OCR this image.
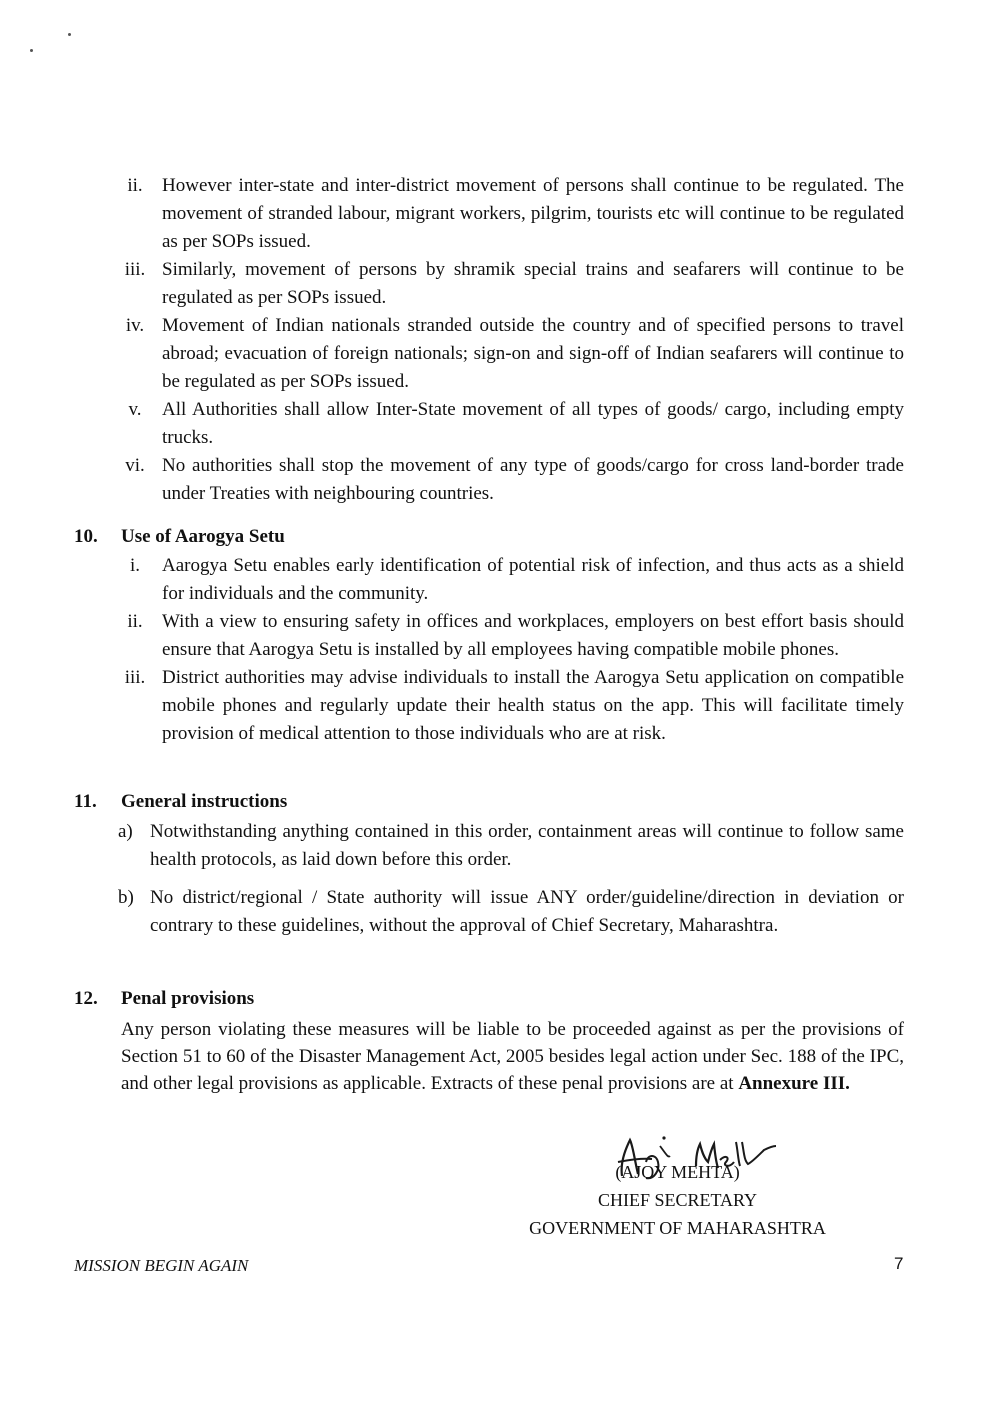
ii.	However inter-state and inter-district movement of persons shall continue to be regulated. The movement of stranded labour, migrant workers, pilgrim, tourists etc will continue to be regulated as per SOPs issued.
iii. Similarly, movement of persons by shramik special trains and seafarers will continue to be regulated as per SOPs issued.
iv. Movement of Indian nationals stranded outside the country and of specified persons to travel abroad; evacuation of foreign nationals; sign-on and sign-off of Indian seafarers will continue to be regulated as per SOPs issued.
v.	All Authorities shall allow Inter-State movement of all types of goods/ cargo, including empty trucks.
vi. No authorities shall stop the movement of any type of goods/cargo for cross land-border trade under Treaties with neighbouring countries.
10.	Use of Aarogya Setu
i.	Aarogya Setu enables early identification of potential risk of infection, and thus acts as a shield for individuals and the community.
ii.	With a view to ensuring safety in offices and workplaces, employers on best effort basis should ensure that Aarogya Setu is installed by all employees having compatible mobile phones.
iii. District authorities may advise individuals to install the Aarogya Setu application on compatible mobile phones and regularly update their health status on the app. This will facilitate timely provision of medical attention to those individuals who are at risk.
11.	General instructions
a) Notwithstanding anything contained in this order, containment areas will continue to follow same health protocols, as laid down before this order.
b) No district/regional / State authority will issue ANY order/guideline/direction in deviation or contrary to these guidelines, without the approval of Chief Secretary, Maharashtra.
12.	Penal provisions
Any person violating these measures will be liable to be proceeded against as per the provisions of Section 51 to 60 of the Disaster Management Act, 2005 besides legal action under Sec. 188 of the IPC, and other legal provisions as applicable. Extracts of these penal provisions are at Annexure III.
(AJOY MEHTA)
CHIEF SECRETARY
GOVERNMENT OF MAHARASHTRA
MISSION BEGIN AGAIN	7
